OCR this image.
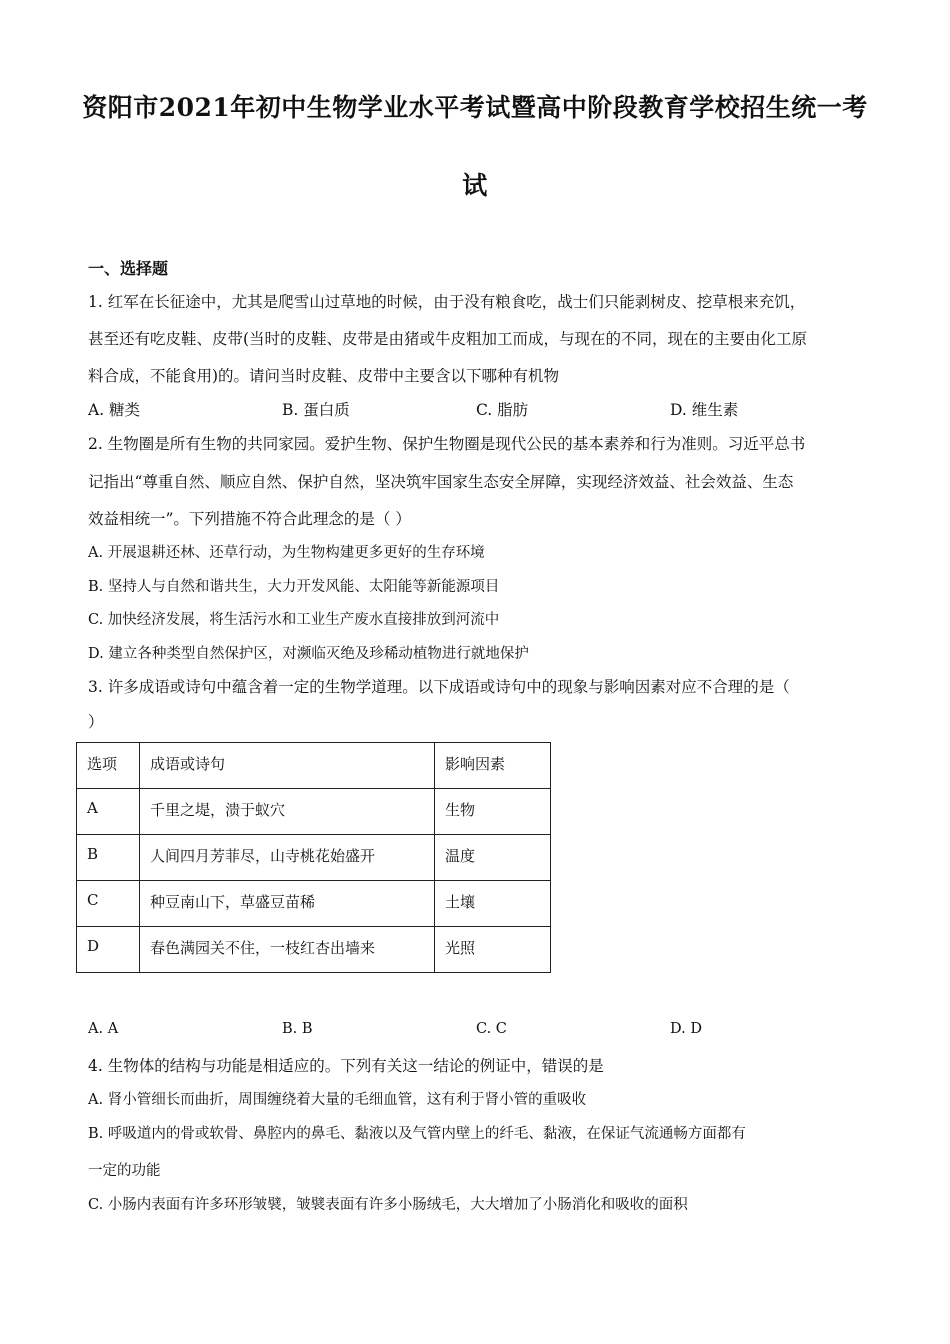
资阳市2021年初中生物学业水平考试暨高中阶段教育学校招生统一考
试
一、选择题
1. 红军在长征途中，尤其是爬雪山过草地的时候，由于没有粮食吃，战士们只能剥树皮、挖草根来充饥，
甚至还有吃皮鞋、皮带(当时的皮鞋、皮带是由猪或牛皮粗加工而成，与现在的不同，现在的主要由化工原
料合成，不能食用)的。请问当时皮鞋、皮带中主要含以下哪种有机物
A. 糖类	B. 蛋白质	C. 脂肪	D. 维生素
2. 生物圈是所有生物的共同家园。爱护生物、保护生物圈是现代公民的基本素养和行为准则。习近平总书
记指出“尊重自然、顺应自然、保护自然，坚决筑牢国家生态安全屏障，实现经济效益、社会效益、生态
效益相统一”。下列措施不符合此理念的是（ ）
A. 开展退耕还林、还草行动，为生物构建更多更好的生存环境
B. 坚持人与自然和谐共生，大力开发风能、太阳能等新能源项目
C. 加快经济发展，将生活污水和工业生产废水直接排放到河流中
D. 建立各种类型自然保护区，对濒临灭绝及珍稀动植物进行就地保护
3. 许多成语或诗句中蕴含着一定的生物学道理。以下成语或诗句中的现象与影响因素对应不合理的是（
）
选项	成语或诗句	影响因素
A	千里之堤，溃于蚁穴	生物
B	人间四月芳菲尽，山寺桃花始盛开	温度
C	种豆南山下，草盛豆苗稀	土壤
D	春色满园关不住，一枝红杏出墙来	光照
A. A	B. B	C. C	D. D
4. 生物体的结构与功能是相适应的。下列有关这一结论的例证中，错误的是
A. 肾小管细长而曲折，周围缠绕着大量的毛细血管，这有利于肾小管的重吸收
B. 呼吸道内的骨或软骨、鼻腔内的鼻毛、黏液以及气管内壁上的纤毛、黏液，在保证气流通畅方面都有
一定的功能
C. 小肠内表面有许多环形皱襞，皱襞表面有许多小肠绒毛，大大增加了小肠消化和吸收的面积
